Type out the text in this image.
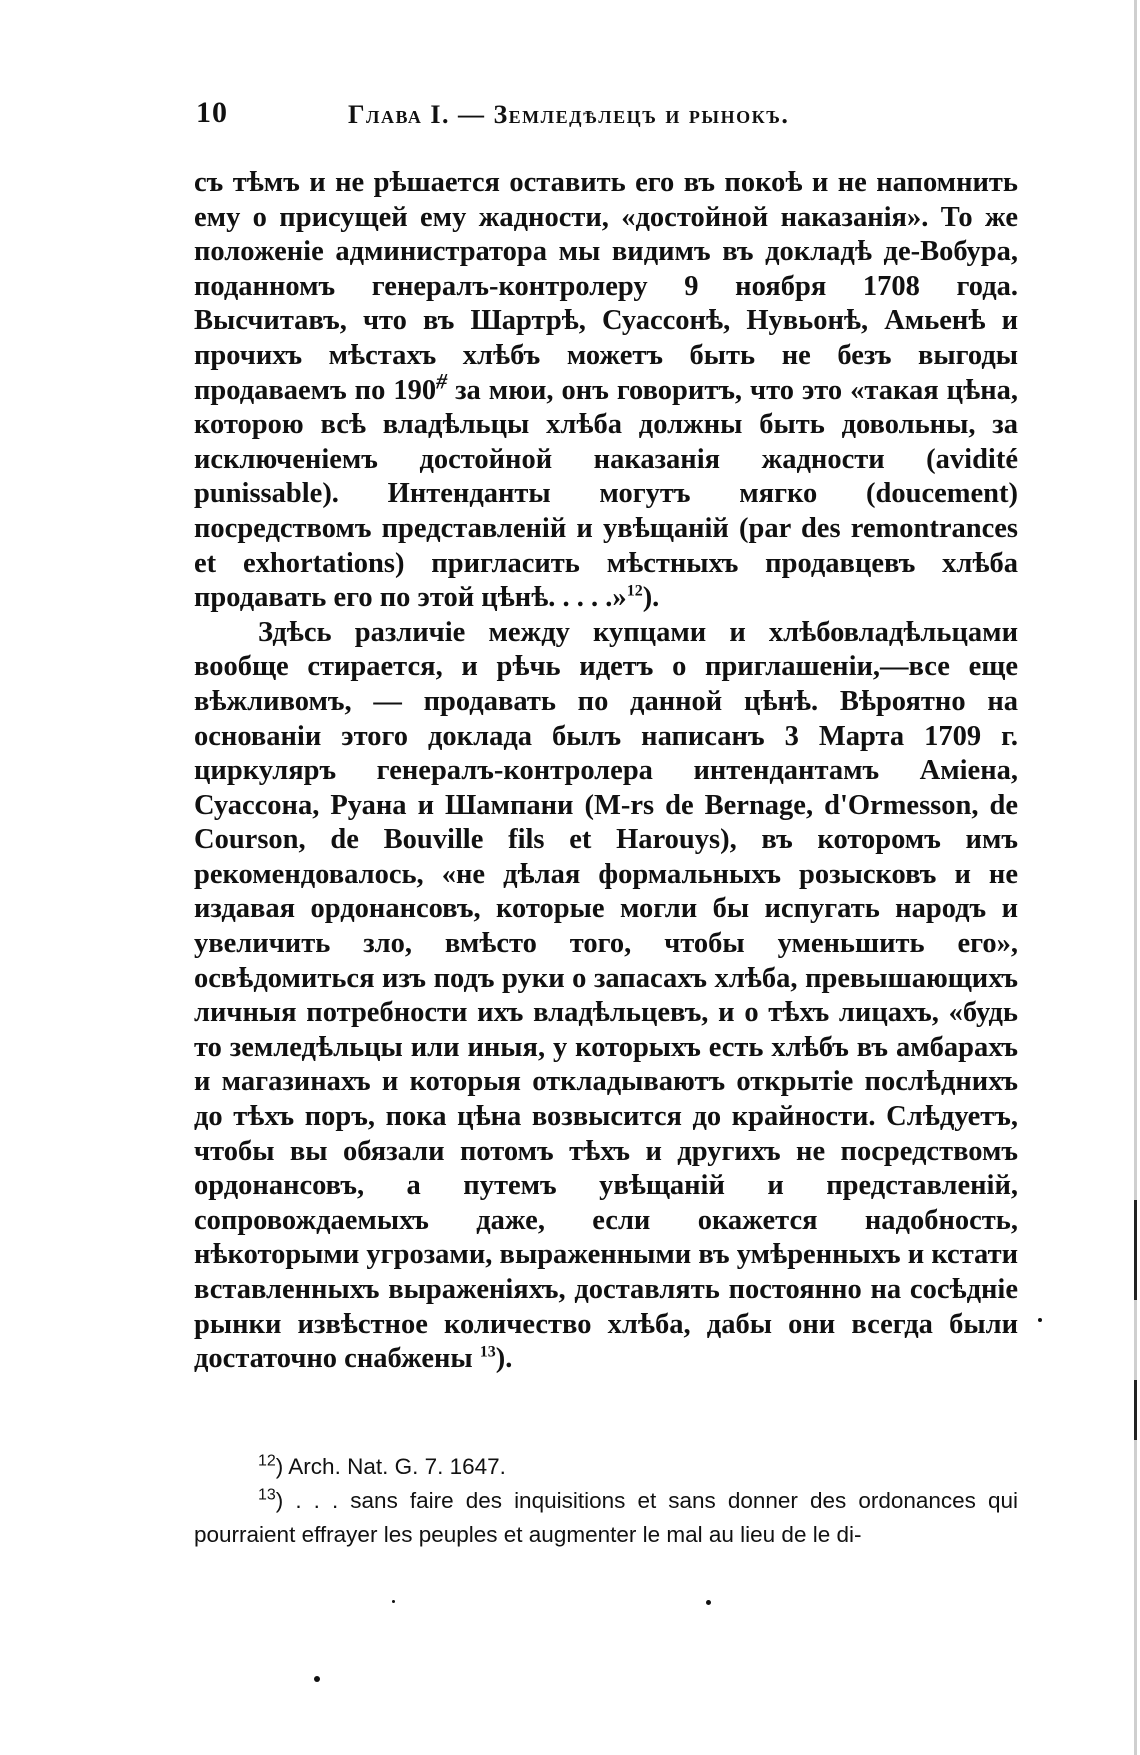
10	Глава I. — Земледѣлецъ и рынокъ.

съ тѣмъ и не рѣшается оставить его въ покоѣ и не напомнить ему о присущей ему жадности, «достойной наказанія». То же положеніе администратора мы видимъ въ докладѣ де-Вобура, поданномъ генералъ-контролеру 9 ноября 1708 года. Высчитавъ, что въ Шартрѣ, Суассонѣ, Нувьонѣ, Амьенѣ и прочихъ мѣстахъ хлѣбъ можетъ быть не безъ выгоды продаваемъ по 190# за мюи, онъ говоритъ, что это «такая цѣна, которою всѣ владѣльцы хлѣба должны быть довольны, за исключеніемъ достойной наказанія жадности (avidité punissable). Интенданты могутъ мягко (doucement) посредствомъ представленій и увѣщаній (par des remontrances et exhortations) пригласить мѣстныхъ продавцевъ хлѣба продавать его по этой цѣнѣ. . . . .»$^{12}$).

Здѣсь различіе между купцами и хлѣбовладѣльцами вообще стирается, и рѣчь идетъ о приглашеніи,—все еще вѣжливомъ, — продавать по данной цѣнѣ. Вѣроятно на основаніи этого доклада былъ написанъ 3 Марта 1709 г. циркуляръ генералъ-контролера интендантамъ Аміена, Суассона, Руана и Шампани (M-rs de Bernage, d'Ormesson, de Courson, de Bouville fils et Harouys), въ которомъ имъ рекомендовалось, «не дѣлая формальныхъ розысковъ и не издавая ордонансовъ, которые могли бы испугать народъ и увеличить зло, вмѣсто того, чтобы уменьшить его», освѣдомиться изъ подъ руки о запасахъ хлѣба, превышающихъ личныя потребности ихъ владѣльцевъ, и о тѣхъ лицахъ, «будь то земледѣльцы или иныя, у которыхъ есть хлѣбъ въ амбарахъ и магазинахъ и которыя откладываютъ открытіе послѣднихъ до тѣхъ поръ, пока цѣна возвысится до крайности. Слѣдуетъ, чтобы вы обязали потомъ тѣхъ и другихъ не посредствомъ ордонансовъ, а путемъ увѣщаній и представленій, сопровождаемыхъ даже, если окажется надобность, нѣкоторыми угрозами, выраженными въ умѣренныхъ и кстати вставленныхъ выраженіяхъ, доставлять постоянно на сосѣдніе рынки извѣстное количество хлѣба, дабы они всегда были достаточно снабжены $^{13}$).

$^{12}$) Arch. Nat. G. 7. 1647.

$^{13}$) . . . sans faire des inquisitions et sans donner des ordonances qui pourraient effrayer les peuples et augmenter le mal au lieu de le di-
